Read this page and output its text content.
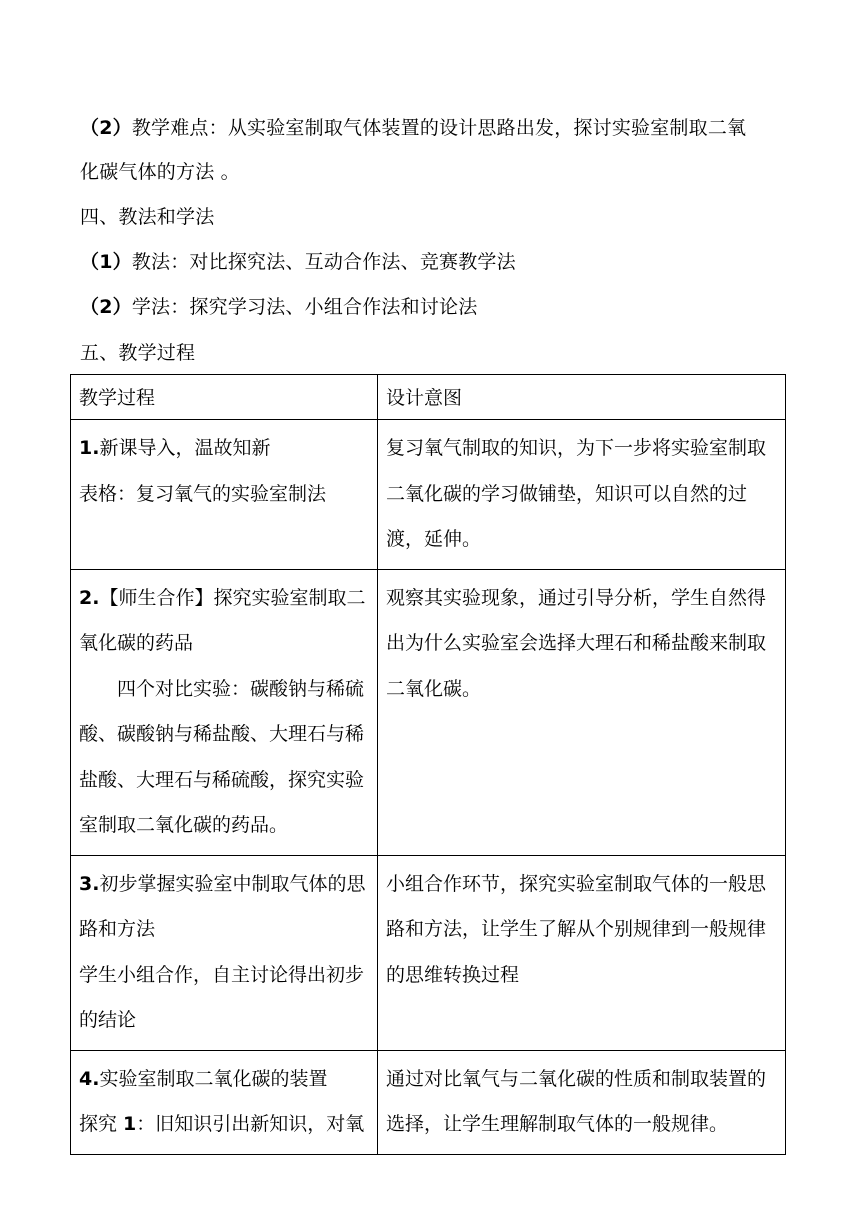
（2）教学难点：从实验室制取气体装置的设计思路出发，探讨实验室制取二氧
化碳气体的方法 。
四、教法和学法
（1）教法：对比探究法、互动合作法、竞赛教学法
（2）学法：探究学习法、小组合作法和讨论法
五、教学过程
教学过程	设计意图

1.新课导入，温故知新
表格：复习氧气的实验室制法	复习氧气制取的知识，为下一步将实验室制取二氧化碳的学习做铺垫，知识可以自然的过渡，延伸。

2.【师生合作】探究实验室制取二氧化碳的药品
四个对比实验：碳酸钠与稀硫酸、碳酸钠与稀盐酸、大理石与稀盐酸、大理石与稀硫酸，探究实验室制取二氧化碳的药品。	观察其实验现象，通过引导分析，学生自然得出为什么实验室会选择大理石和稀盐酸来制取二氧化碳。

3.初步掌握实验室中制取气体的思路和方法
学生小组合作，自主讨论得出初步的结论	小组合作环节，探究实验室制取气体的一般思路和方法，让学生了解从个别规律到一般规律的思维转换过程

4.实验室制取二氧化碳的装置
探究 1：旧知识引出新知识，对氧	通过对比氧气与二氧化碳的性质和制取装置的选择，让学生理解制取气体的一般规律。
